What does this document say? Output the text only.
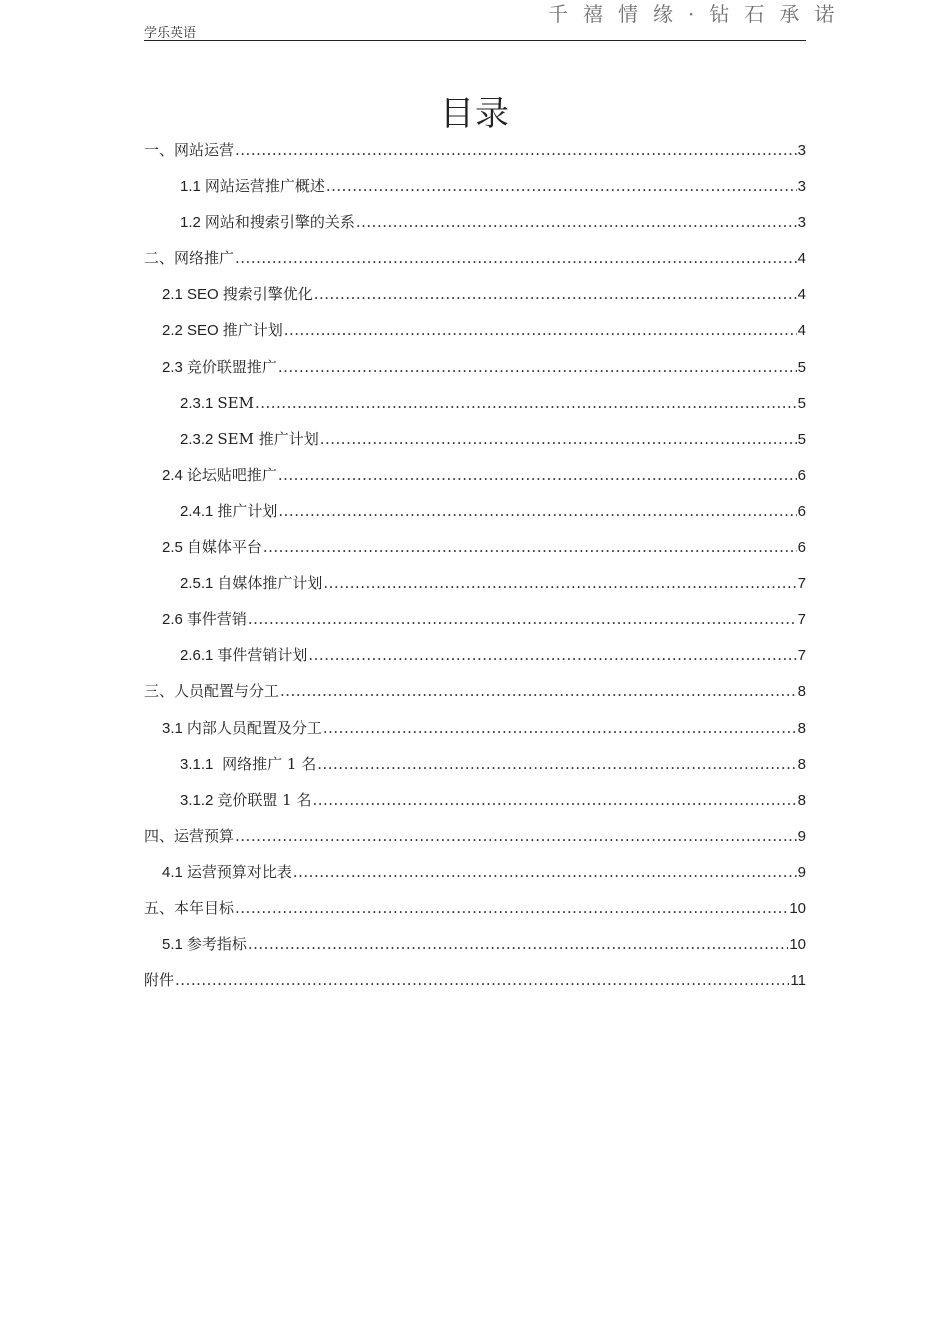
千禧情缘·钻石承诺
学乐英语
目录
一、网站运营 .....	3
1.1 网站运营推广概述 .....	3
1.2 网站和搜索引擎的关系 .....	3
二、网络推广 .....	4
2.1 SEO 搜索引擎优化 .....	4
2.2 SEO 推广计划 .....	4
2.3 竞价联盟推广 .....	5
2.3.1 SEM .....	5
2.3.2 SEM 推广计划 .....	5
2.4 论坛贴吧推广 .....	6
2.4.1 推广计划 .....	6
2.5 自媒体平台 .....	6
2.5.1 自媒体推广计划 .....	7
2.6 事件营销 .....	7
2.6.1 事件营销计划 .....	7
三、人员配置与分工 .....	8
3.1 内部人员配置及分工 .....	8
3.1.1 网络推广 1 名 .....	8
3.1.2 竞价联盟 1 名 .....	8
四、运营预算 .....	9
4.1 运营预算对比表 .....	9
五、本年目标 .....	10
5.1 参考指标 .....	10
附件 .....	11
